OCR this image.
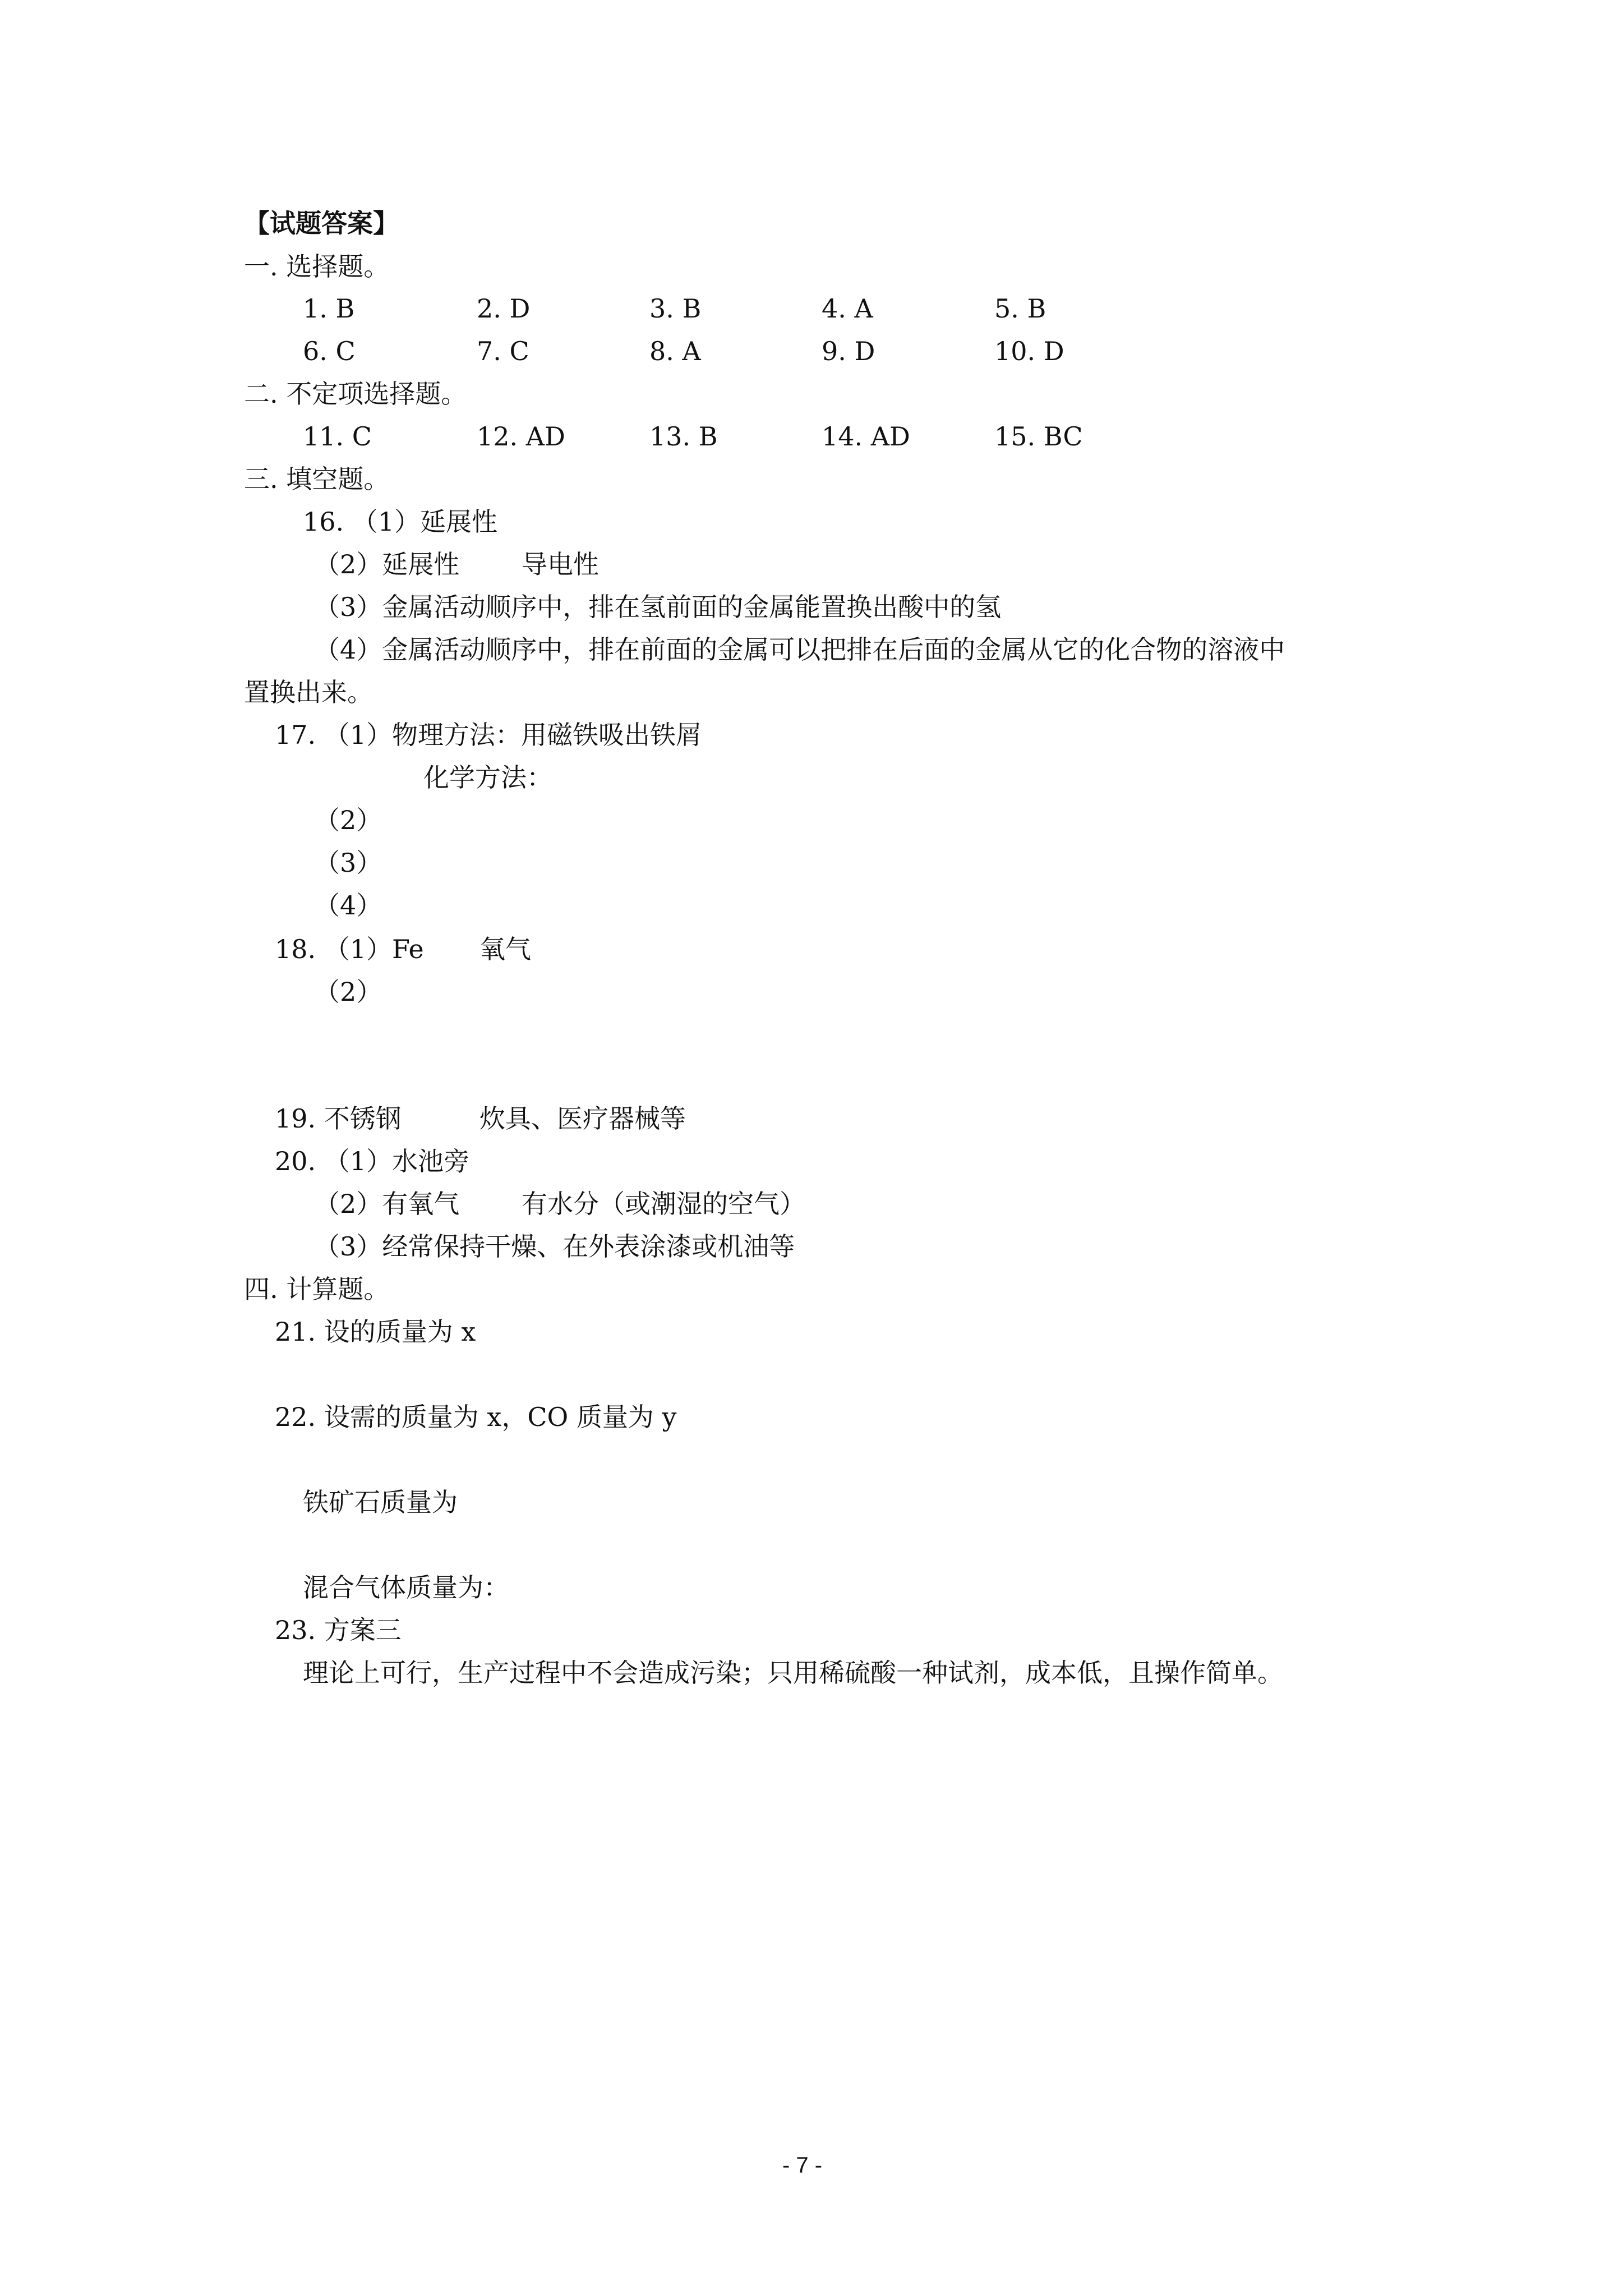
【试题答案】
一. 选择题。
1. B	2. D	3. B	4. A	5. B
6. C	7. C	8. A	9. D	10. D
二. 不定项选择题。
11. C	12. AD	13. B	14. AD	15. BC
三. 填空题。
16. （1）延展性
（2）延展性 导电性
（3）金属活动顺序中，排在氢前面的金属能置换出酸中的氢
（4）金属活动顺序中，排在前面的金属可以把排在后面的金属从它的化合物的溶液中
置换出来。
17. （1）物理方法：用磁铁吸出铁屑
化学方法：
（2）
（3）
（4）
18. （1）Fe 氧气
（2）
19. 不锈钢	炊具、医疗器械等
20. （1）水池旁
（2）有氧气 有水分（或潮湿的空气）
（3）经常保持干燥、在外表涂漆或机油等
四. 计算题。
21. 设的质量为 x
22. 设需的质量为 x，CO 质量为 y
铁矿石质量为
混合气体质量为：
23. 方案三
理论上可行，生产过程中不会造成污染；只用稀硫酸一种试剂，成本低，且操作简单。
- 7 -
